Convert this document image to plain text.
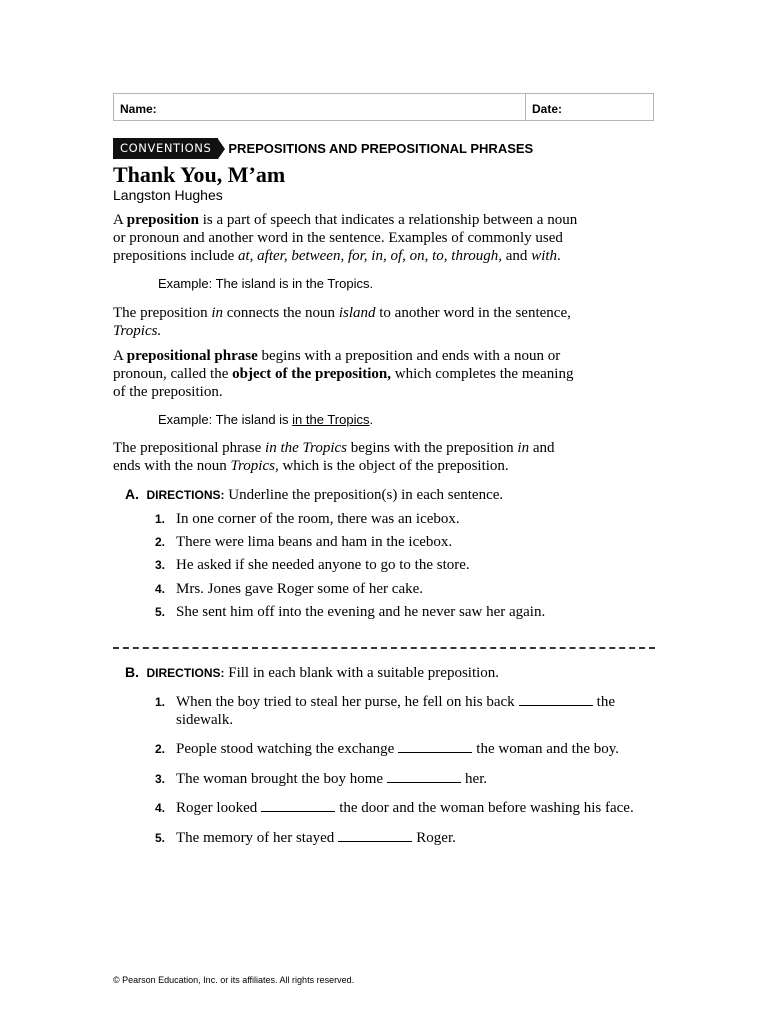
Name:	Date:
CONVENTIONS	PREPOSITIONS AND PREPOSITIONAL PHRASES
Thank You, M’am
Langston Hughes
A preposition is a part of speech that indicates a relationship between a noun or pronoun and another word in the sentence. Examples of commonly used prepositions include at, after, between, for, in, of, on, to, through, and with.
Example: The island is in the Tropics.
The preposition in connects the noun island to another word in the sentence, Tropics.
A prepositional phrase begins with a preposition and ends with a noun or pronoun, called the object of the preposition, which completes the meaning of the preposition.
Example: The island is in the Tropics.
The prepositional phrase in the Tropics begins with the preposition in and ends with the noun Tropics, which is the object of the preposition.
A. DIRECTIONS: Underline the preposition(s) in each sentence.
1. In one corner of the room, there was an icebox.
2. There were lima beans and ham in the icebox.
3. He asked if she needed anyone to go to the store.
4. Mrs. Jones gave Roger some of her cake.
5. She sent him off into the evening and he never saw her again.
B. DIRECTIONS: Fill in each blank with a suitable preposition.
1. When the boy tried to steal her purse, he fell on his back	the
sidewalk.
2. People stood watching the exchange	the woman and the boy.
3. The woman brought the boy home	her.
4. Roger looked	the door and the woman before washing his face.
5. The memory of her stayed	Roger.
© Pearson Education, Inc. or its affiliates. All rights reserved.
